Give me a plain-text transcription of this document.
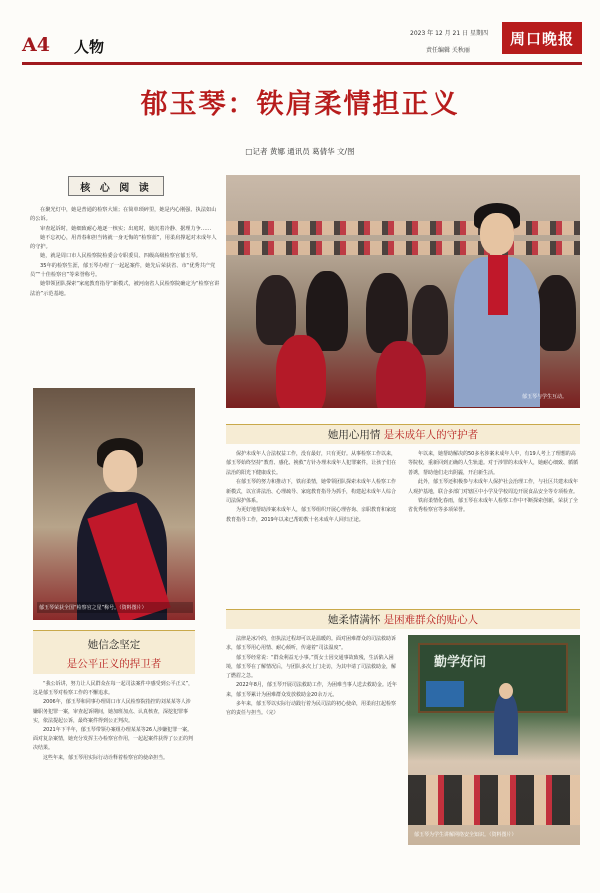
A4 人物
2023 年 12 月 21 日 星期四
责任编辑 关秋丽
周口晚报
郁玉琴：铁肩柔情担正义
□记者 黄娜 通讯员 葛倩华 文/图
核 心 阅 读

在聚光灯中，她是普通的检察大姐；在简单琐碎里，她是内心刚强、执法如山的公诉。

审查起诉时，她细致耐心地逐一核实；出庭时，她沉着冷静、据理力争……

她不忘初心，用青春和担当铸就一身无悔的“检察蓝”，用柔肩撑起对未成年人的守护。

她，就是周口市人民检察院检委会专职委员、四级高级检察官郁玉琴。

35年的检察生涯，郁玉琴办理了一起起案件，她先后荣获省、市“优秀共产党员”“十佳检察官”等荣誉称号。

她带领团队探索“家庭教育指导”新模式，被河南省人民检察院确定为“检察官讲法治”示范基地。

郁玉琴荣获全国“检察官之星”称号。（资料图片）
她信念坚定
是公平正义的捍卫者

“我公诉讲，努力让人民群众在每一起司法案件中感受到公平正义”，这是郁玉琴对检察工作的不懈追求。

2006年，郁玉琴和同事办理周口市人民检察院指控的刘某某等人涉嫌职务犯罪一案，审查起诉期间，她加班加点、认真核查，深挖犯罪事实，依法提起公诉，最终案件得到公正判决。

2021年下半年，郁玉琴带领办案组办理某某等26人涉嫌犯罪一案。面对复杂案情，她充分发挥主办检察官作用，一起起案件获得了公正的判决结果。

这些年来，郁玉琴用实际行动诠释着检察官的使命担当。

郁玉琴与学生互动。
她用心用情 是未成年人的守护者

保护未成年人合法权益工作，没有最好，只有更好。从事检察工作以来，郁玉琴始终坚持“教育、感化、挽救”方针办理未成年人犯罪案件，让孩子们在法治的阳光下健康成长。

在郁玉琴的努力和推动下，铁肩柔情，她带领团队探索未成年人检察工作新模式，以宣讲法治、心理疏导、家庭教育指导为抓手，构建起未成年人综合司法保护体系。

为更好地帮助涉案未成年人，郁玉琴组织开展心理咨询、亲职教育和家庭教育指导工作，2019年以来已帮助数十名未成年人回归正途。

年以来，她帮助解决的50多名涉案未成年人中，有19人考上了理想的高等院校，重新回到正确的人生轨道。对于涉罪的未成年人，她耐心细致、循循善诱，帮助他们走出阴霾，开启新生活。

此外，郁玉琴还积极参与未成年人保护社会治理工作，与社区共建未成年人观护基地，联合多部门对辖区中小学及学校周边开展食品安全等专项检查。

铁肩柔情化春雨，郁玉琴在未成年人检察工作中不断探索创新，荣获了全省优秀检察官等多项荣誉。

她柔情满怀 是困难群众的贴心人

法律是冰冷的，但执法过程却可以是温暖的。面对困难群众的司法救助诉求，郁玉琴用心用情、耐心倾听，传递着“司法温度”。

郁玉琴经常说：“群众利益无小事。”贾女士因交通事故致残，生活陷入困境，郁玉琴在了解情况后，与团队多次上门走访，为其申请了司法救助金，解了燃眉之急。

2022年8月，郁玉琴开展司法救助工作，为困难当事人送去救助金。近年来，郁玉琴累计为困难群众发放救助金20余万元。

多年来，郁玉琴以实际行动践行着为民司法的初心使命，用柔肩扛起检察官的责任与担当。（完）

勤学好问
郁玉琴为学生讲解网络安全知识。（资料图片）
